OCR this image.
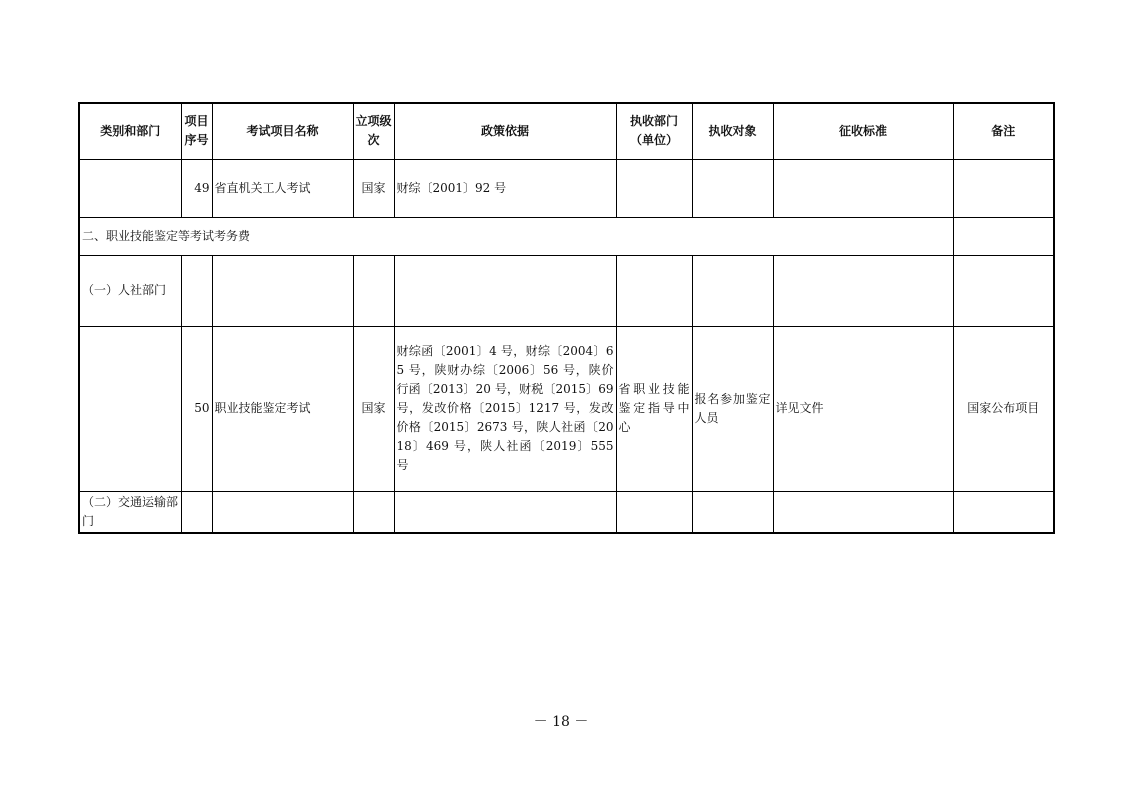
类别和部门	项目序号	考试项目名称	立项级次	政策依据	执收部门（单位）	执收对象	征收标准	备注
	49	省直机关工人考试	国家	财综〔2001〕92 号				
二、职业技能鉴定等考试考务费								
（一）人社部门								
	50	职业技能鉴定考试	国家	财综函〔2001〕4 号，财综〔2004〕65 号，陕财办综〔2006〕56 号，陕价行函〔2013〕20 号，财税〔2015〕69 号，发改价格〔2015〕1217 号，发改价格〔2015〕2673 号，陕人社函〔2018〕469 号，陕人社函〔2019〕555 号	省职业技能鉴定指导中心	报名参加鉴定人员	详见文件	国家公布项目
（二）交通运输部门								
－ 18 －
